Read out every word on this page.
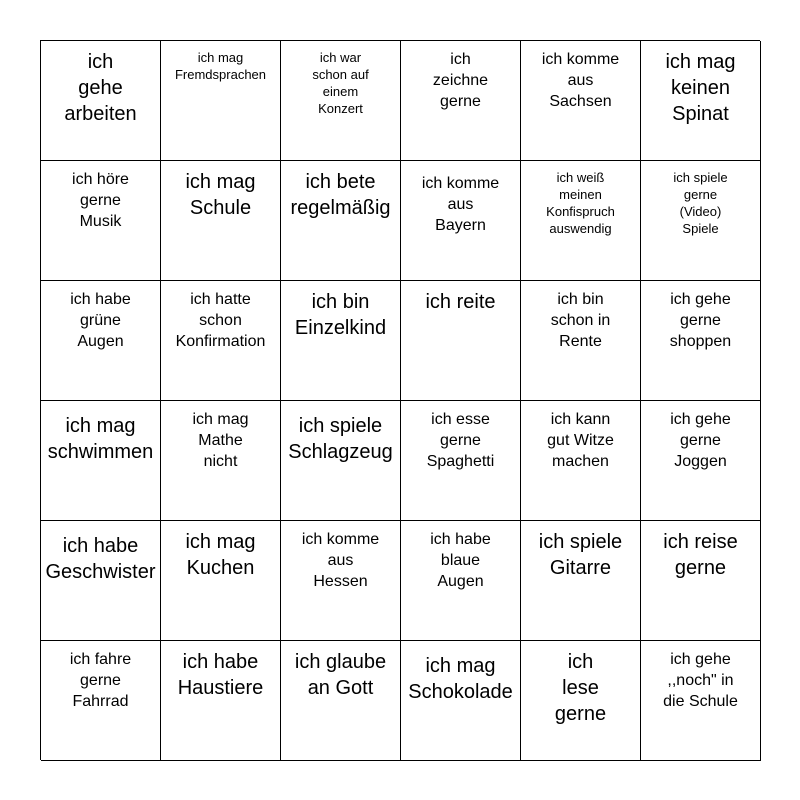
ich
gehe
arbeiten
ich mag
Fremdsprachen
ich war
schon auf
einem
Konzert
ich
zeichne
gerne
ich komme
aus
Sachsen
ich mag
keinen
Spinat
ich höre
gerne
Musik
ich mag
Schule
ich bete
regelmäßig
ich komme
aus
Bayern
ich weiß
meinen
Konfispruch
auswendig
ich spiele
gerne
(Video)
Spiele
ich habe
grüne
Augen
ich hatte
schon
Konfirmation
ich bin
Einzelkind
ich reite	ich bin
schon in
Rente
ich gehe
gerne
shoppen
ich mag
schwimmen
ich mag
Mathe
nicht
ich spiele
Schlagzeug
ich esse
gerne
Spaghetti
ich kann
gut Witze
machen
ich gehe
gerne
Joggen
ich habe
Geschwister
ich mag
Kuchen
ich komme
aus
Hessen
ich habe
blaue
Augen
ich spiele
Gitarre
ich reise
gerne
ich fahre
gerne
Fahrrad
ich habe
Haustiere
ich glaube
an Gott
ich mag
Schokolade
ich
lese
gerne
ich gehe
,,noch" in
die Schule
